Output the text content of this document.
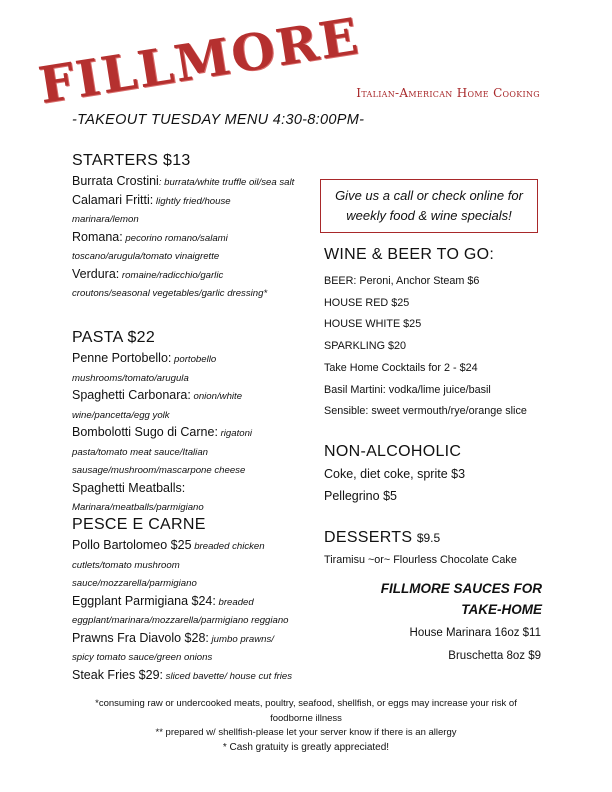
FILLMORE
Italian-American Home Cooking
-TAKEOUT TUESDAY MENU 4:30-8:00PM-
STARTERS $13
Burrata Crostini: burrata/white truffle oil/sea salt
Calamari Fritti: lightly fried/house marinara/lemon
Romana: pecorino romano/salami toscano/arugula/tomato vinaigrette
Verdura: romaine/radicchio/garlic croutons/seasonal vegetables/garlic dressing*
PASTA $22
Penne Portobello: portobello mushrooms/tomato/arugula
Spaghetti Carbonara: onion/white wine/pancetta/egg yolk
Bombolotti Sugo di Carne: rigatoni pasta/tomato meat sauce/Italian sausage/mushroom/mascarpone cheese
Spaghetti Meatballs: Marinara/meatballs/parmigiano
PESCE E CARNE
Pollo Bartolomeo $25 breaded chicken cutlets/tomato mushroom sauce/mozzarella/parmigiano
Eggplant Parmigiana $24: breaded eggplant/marinara/mozzarella/parmigiano reggiano
Prawns Fra Diavolo $28: jumbo prawns/ spicy tomato sauce/green onions
Steak Fries $29: sliced bavette/ house cut fries
Give us a call or check online for weekly food & wine specials!
WINE & BEER TO GO:
BEER: Peroni, Anchor Steam $6
HOUSE RED $25
HOUSE WHITE $25
SPARKLING $20
Take Home Cocktails for 2 - $24
Basil Martini: vodka/lime juice/basil
Sensible: sweet vermouth/rye/orange slice
NON-ALCOHOLIC
Coke, diet coke, sprite $3
Pellegrino $5
DESSERTS $9.5
Tiramisu ~or~ Flourless Chocolate Cake
FILLMORE SAUCES FOR
TAKE-HOME
House Marinara 16oz $11
Bruschetta 8oz $9
*consuming raw or undercooked meats, poultry, seafood, shellfish, or eggs may increase your risk of foodborne illness
** prepared w/ shellfish-please let your server know if there is an allergy
* Cash gratuity is greatly appreciated!
